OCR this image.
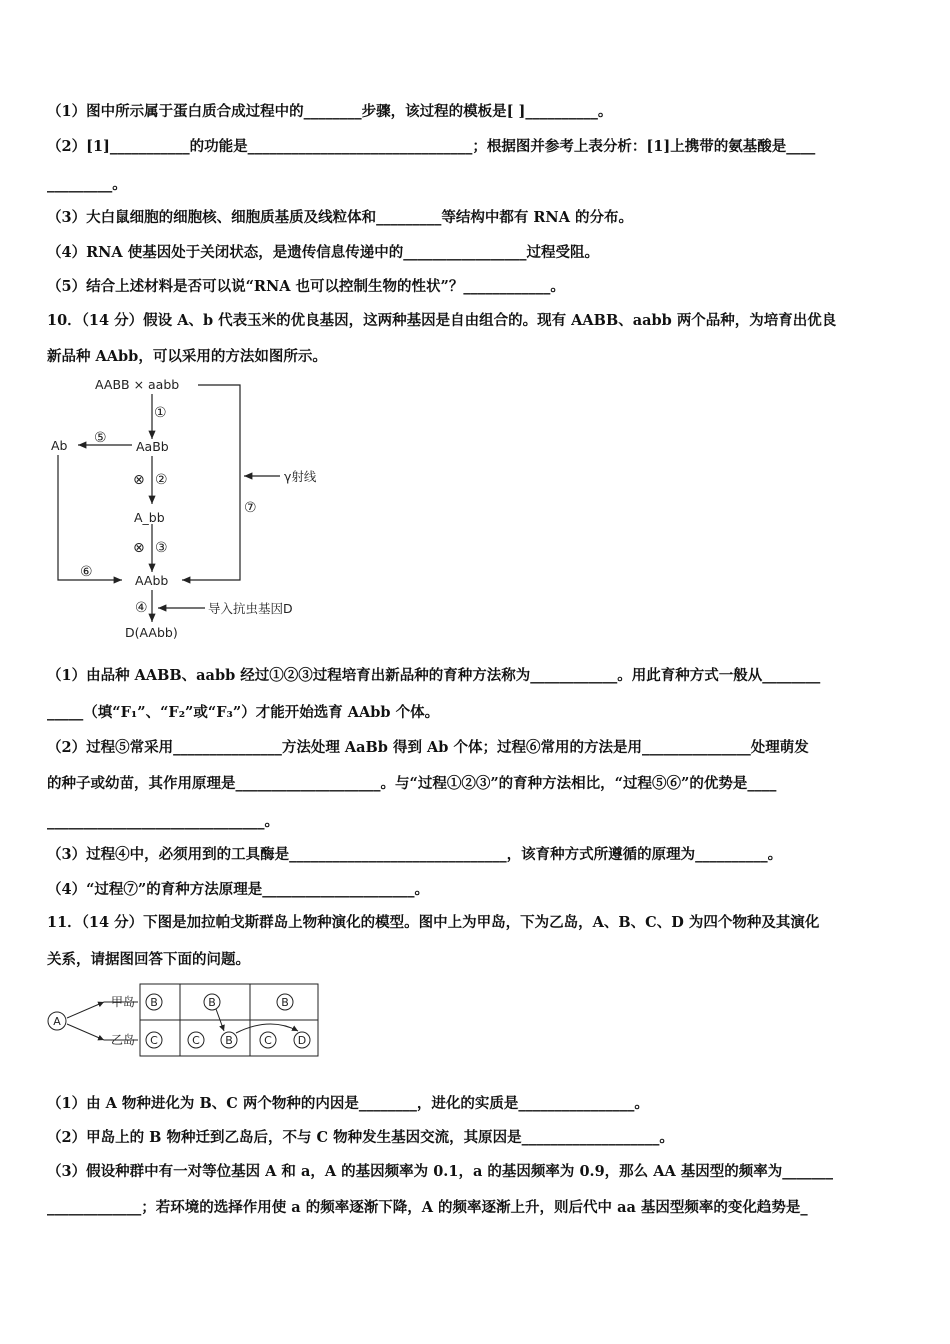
（1）图中所示属于蛋白质合成过程中的________步骤，该过程的模板是[ ]__________。
（2）[1]___________的功能是_______________________________；根据图并参考上表分析：[1]上携带的氨基酸是____
_________。
（3）大白鼠细胞的细胞核、细胞质基质及线粒体和_________等结构中都有 RNA 的分布。
（4）RNA 使基因处于关闭状态，是遗传信息传递中的_________________过程受阻。
（5）结合上述材料是否可以说“RNA 也可以控制生物的性状”？____________。
10．（14 分）假设 A、b 代表玉米的优良基因，这两种基因是自由组合的。现有 AABB、aabb 两个品种，为培育出优良
新品种 AAbb，可以采用的方法如图所示。
AABB × aabb
①
Ab ⑤
AaBb
⊗ ②	γ射线
⑦
A_bb
⊗ ③
⑥
AAbb
④	导入抗虫基因D
D(AAbb)
（1）由品种 AABB、aabb 经过①②③过程培育出新品种的育种方法称为____________。用此育种方式一般从________
_____（填“F₁”、“F₂”或“F₃”）才能开始选育 AAbb 个体。
（2）过程⑤常采用_______________方法处理 AaBb 得到 Ab 个体；过程⑥常用的方法是用_______________处理萌发
的种子或幼苗，其作用原理是____________________。与“过程①②③”的育种方法相比，“过程⑤⑥”的优势是____
______________________________。
（3）过程④中，必须用到的工具酶是______________________________，该育种方式所遵循的原理为__________。
（4）“过程⑦”的育种方法原理是_____________________。
11．（14 分）下图是加拉帕戈斯群岛上物种演化的模型。图中上为甲岛，下为乙岛，A、B、C、D 为四个物种及其演化
关系，请据图回答下面的问题。
A
甲岛
乙岛
B
C
B
C B
B
C D
（1）由 A 物种进化为 B、C 两个物种的内因是________，进化的实质是________________。
（2）甲岛上的 B 物种迁到乙岛后，不与 C 物种发生基因交流，其原因是___________________。
（3）假设种群中有一对等位基因 A 和 a，A 的基因频率为 0.1，a 的基因频率为 0.9，那么 AA 基因型的频率为_______
_____________；若环境的选择作用使 a 的频率逐渐下降，A 的频率逐渐上升，则后代中 aa 基因型频率的变化趋势是_
